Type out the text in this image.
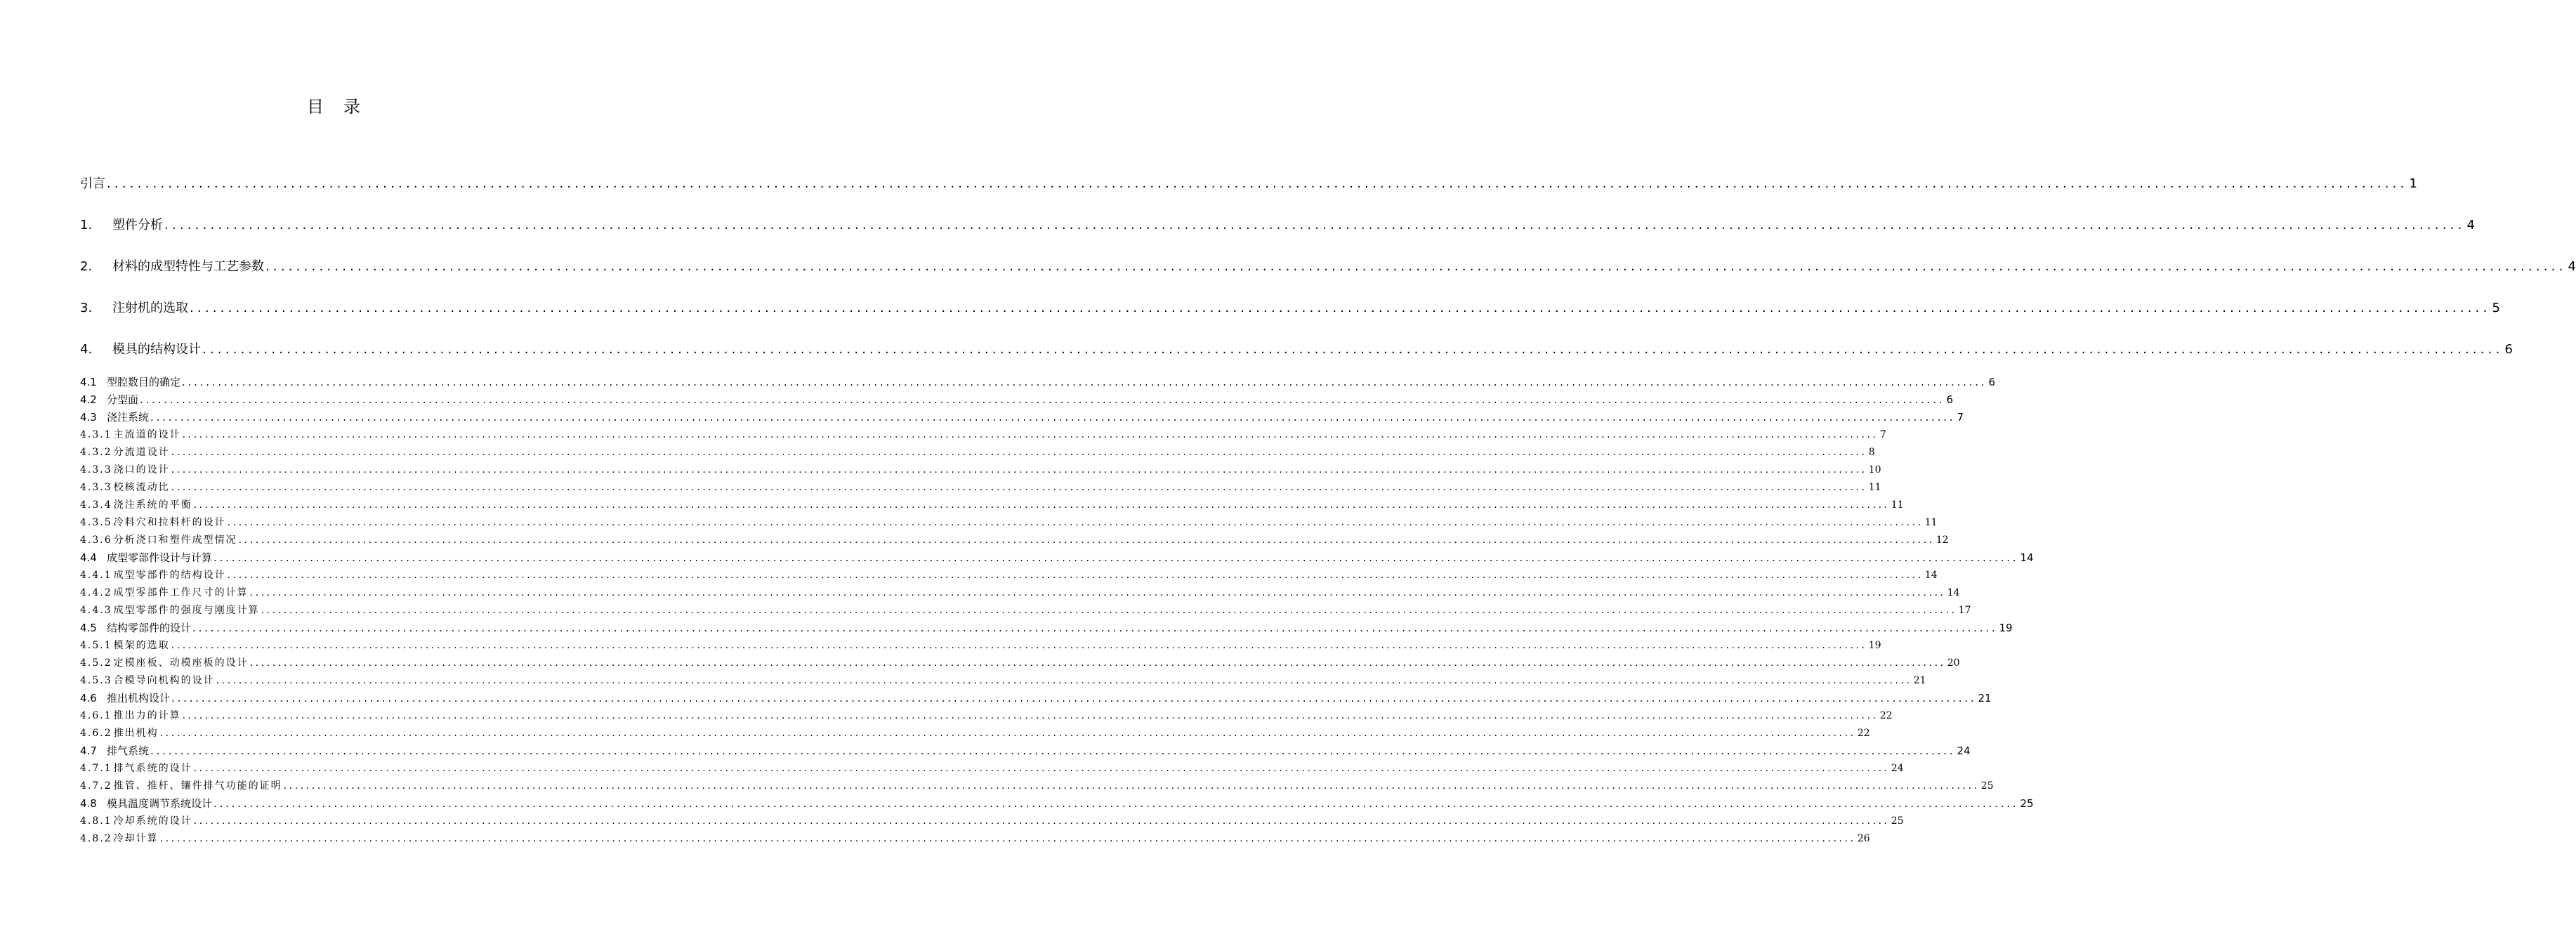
目 录
引言 ............................................................................................................................................................................................................................................................................................................ 1
1. 塑件分析 ............................................................................................................................................................................................................................................................................................................ 4
2. 材料的成型特性与工艺参数 ............................................................................................................................................................................................................................................................................................................ 4
3. 注射机的选取 ............................................................................................................................................................................................................................................................................................................ 5
4. 模具的结构设计 ............................................................................................................................................................................................................................................................................................................ 6
4.1 型腔数目的确定 ............................................................................................................................................................................................................................................................................................................ 6
4.2 分型面 ............................................................................................................................................................................................................................................................................................................ 6
4.3 浇注系统 ............................................................................................................................................................................................................................................................................................................ 7
4.3.1 主流道的设计 ............................................................................................................................................................................................................................................................................................................ 7
4.3.2 分流道设计 ............................................................................................................................................................................................................................................................................................................ 8
4.3.3 浇口的设计 ............................................................................................................................................................................................................................................................................................................ 10
4.3.3 校核流动比 ............................................................................................................................................................................................................................................................................................................ 11
4.3.4 浇注系统的平衡 ............................................................................................................................................................................................................................................................................................................ 11
4.3.5 冷料穴和拉料杆的设计 ............................................................................................................................................................................................................................................................................................................ 11
4.3.6 分析浇口和塑件成型情况 ............................................................................................................................................................................................................................................................................................................ 12
4.4 成型零部件设计与计算 ............................................................................................................................................................................................................................................................................................................ 14
4.4.1 成型零部件的结构设计 ............................................................................................................................................................................................................................................................................................................ 14
4.4.2 成型零部件工作尺寸的计算 ............................................................................................................................................................................................................................................................................................................ 14
4.4.3 成型零部件的强度与刚度计算 ............................................................................................................................................................................................................................................................................................................ 17
4.5 结构零部件的设计 ............................................................................................................................................................................................................................................................................................................ 19
4.5.1 模架的选取 ............................................................................................................................................................................................................................................................................................................ 19
4.5.2 定模座板、动模座板的设计 ............................................................................................................................................................................................................................................................................................................ 20
4.5.3 合模导向机构的设计 ............................................................................................................................................................................................................................................................................................................ 21
4.6 推出机构设计 ............................................................................................................................................................................................................................................................................................................ 21
4.6.1 推出力的计算 ............................................................................................................................................................................................................................................................................................................ 22
4.6.2 推出机构 ............................................................................................................................................................................................................................................................................................................ 22
4.7 排气系统 ............................................................................................................................................................................................................................................................................................................ 24
4.7.1 排气系统的设计 ............................................................................................................................................................................................................................................................................................................ 24
4.7.2 推管、推杆、镶件排气功能的证明 ............................................................................................................................................................................................................................................................................................................ 25
4.8 模具温度调节系统设计 ............................................................................................................................................................................................................................................................................................................ 25
4.8.1 冷却系统的设计 ............................................................................................................................................................................................................................................................................................................ 25
4.8.2 冷却计算 ............................................................................................................................................................................................................................................................................................................ 26
